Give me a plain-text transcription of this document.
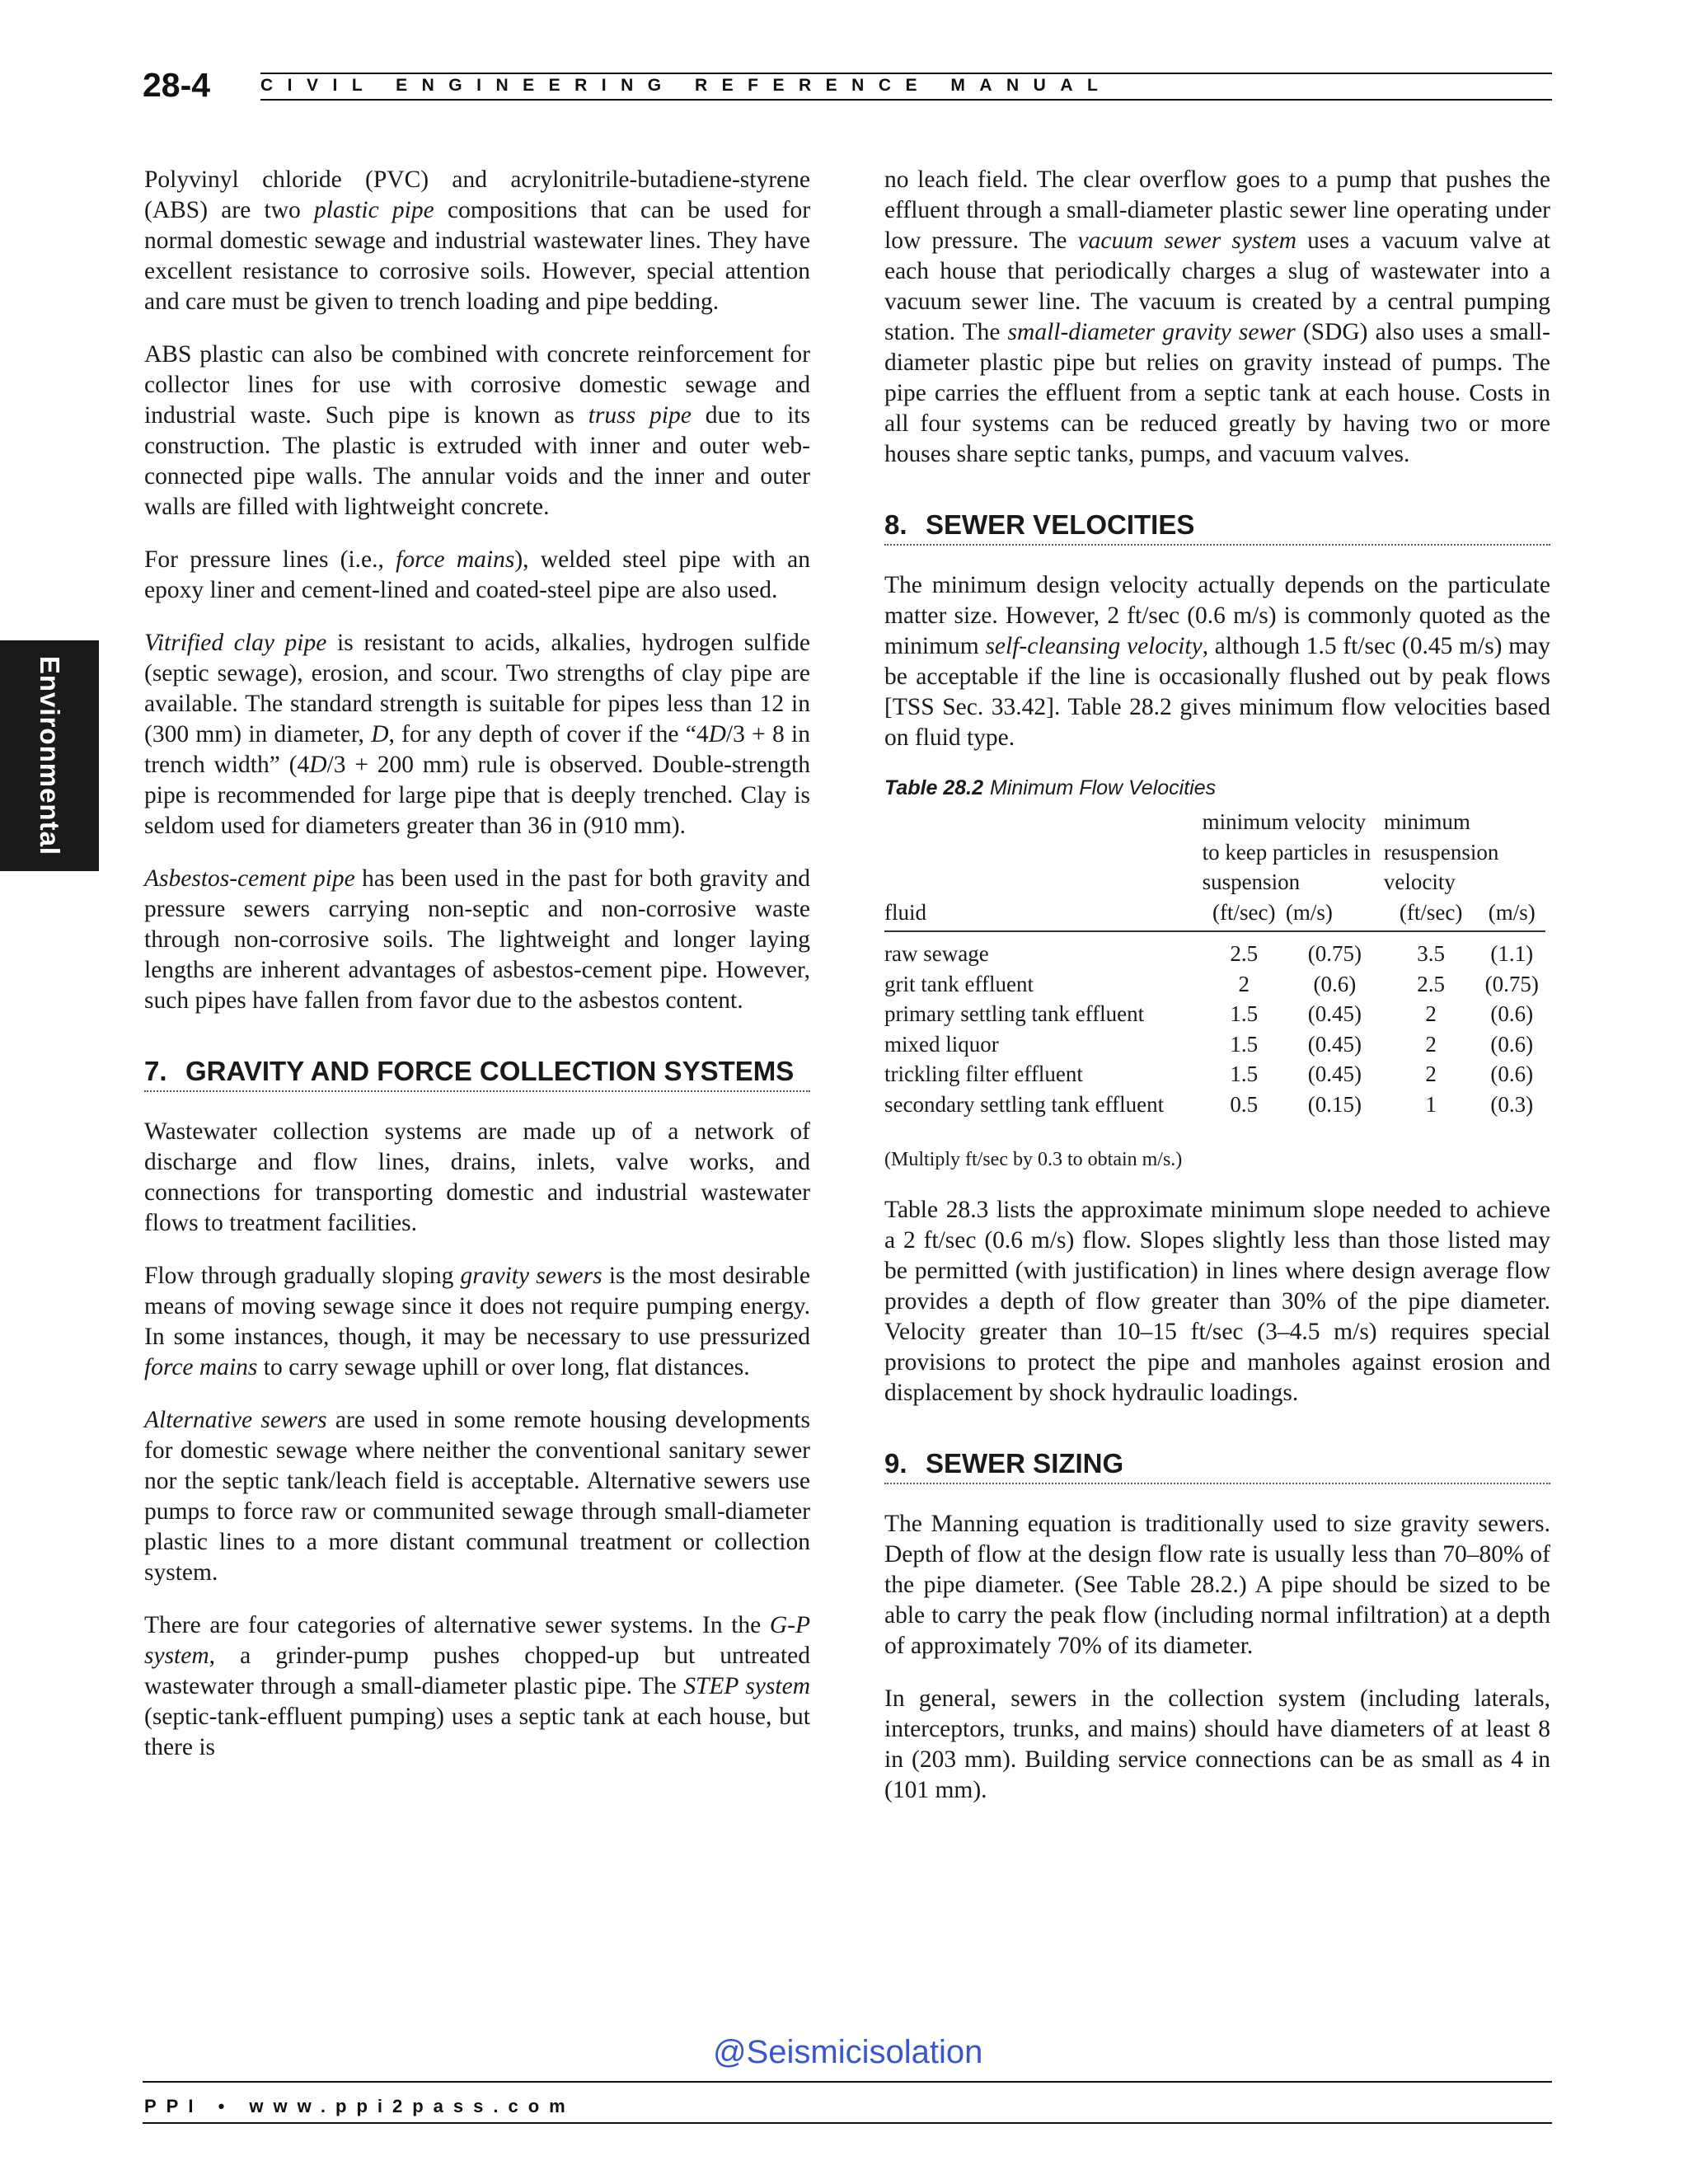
28-4	CIVIL ENGINEERING REFERENCE MANUAL
Environmental

Polyvinyl chloride (PVC) and acrylonitrile-butadiene-styrene (ABS) are two plastic pipe compositions that can be used for normal domestic sewage and industrial wastewater lines. They have excellent resistance to corrosive soils. However, special attention and care must be given to trench loading and pipe bedding.

ABS plastic can also be combined with concrete reinforcement for collector lines for use with corrosive domestic sewage and industrial waste. Such pipe is known as truss pipe due to its construction. The plastic is extruded with inner and outer web-connected pipe walls. The annular voids and the inner and outer walls are filled with lightweight concrete.

For pressure lines (i.e., force mains), welded steel pipe with an epoxy liner and cement-lined and coated-steel pipe are also used.

Vitrified clay pipe is resistant to acids, alkalies, hydrogen sulfide (septic sewage), erosion, and scour. Two strengths of clay pipe are available. The standard strength is suitable for pipes less than 12 in (300 mm) in diameter, D, for any depth of cover if the “4D/3 + 8 in trench width” (4D/3 + 200 mm) rule is observed. Double-strength pipe is recommended for large pipe that is deeply trenched. Clay is seldom used for diameters greater than 36 in (910 mm).

Asbestos-cement pipe has been used in the past for both gravity and pressure sewers carrying non-septic and non-corrosive waste through non-corrosive soils. The lightweight and longer laying lengths are inherent advantages of asbestos-cement pipe. However, such pipes have fallen from favor due to the asbestos content.

7. GRAVITY AND FORCE COLLECTION SYSTEMS

Wastewater collection systems are made up of a network of discharge and flow lines, drains, inlets, valve works, and connections for transporting domestic and industrial wastewater flows to treatment facilities.

Flow through gradually sloping gravity sewers is the most desirable means of moving sewage since it does not require pumping energy. In some instances, though, it may be necessary to use pressurized force mains to carry sewage uphill or over long, flat distances.

Alternative sewers are used in some remote housing developments for domestic sewage where neither the conventional sanitary sewer nor the septic tank/leach field is acceptable. Alternative sewers use pumps to force raw or communited sewage through small-diameter plastic lines to a more distant communal treatment or collection system.

There are four categories of alternative sewer systems. In the G-P system, a grinder-pump pushes chopped-up but untreated wastewater through a small-diameter plastic pipe. The STEP system (septic-tank-effluent pumping) uses a septic tank at each house, but there is

no leach field. The clear overflow goes to a pump that pushes the effluent through a small-diameter plastic sewer line operating under low pressure. The vacuum sewer system uses a vacuum valve at each house that periodically charges a slug of wastewater into a vacuum sewer line. The vacuum is created by a central pumping station. The small-diameter gravity sewer (SDG) also uses a small-diameter plastic pipe but relies on gravity instead of pumps. The pipe carries the effluent from a septic tank at each house. Costs in all four systems can be reduced greatly by having two or more houses share septic tanks, pumps, and vacuum valves.

8. SEWER VELOCITIES

The minimum design velocity actually depends on the particulate matter size. However, 2 ft/sec (0.6 m/s) is commonly quoted as the minimum self-cleansing velocity, although 1.5 ft/sec (0.45 m/s) may be acceptable if the line is occasionally flushed out by peak flows [TSS Sec. 33.42]. Table 28.2 gives minimum flow velocities based on fluid type.

Table 28.2 Minimum Flow Velocities
	minimum velocity to keep particles in suspension		minimum resuspension velocity	
fluid	(ft/sec)	(m/s)	(ft/sec)	(m/s)

raw sewage	2.5	(0.75)	3.5	(1.1)

grit tank effluent	2	(0.6)	2.5	(0.75)

primary settling tank effluent	1.5	(0.45)	2	(0.6)

mixed liquor	1.5	(0.45)	2	(0.6)

trickling filter effluent	1.5	(0.45)	2	(0.6)

secondary settling tank effluent	0.5	(0.15)	1	(0.3)
(Multiply ft/sec by 0.3 to obtain m/s.)

Table 28.3 lists the approximate minimum slope needed to achieve a 2 ft/sec (0.6 m/s) flow. Slopes slightly less than those listed may be permitted (with justification) in lines where design average flow provides a depth of flow greater than 30% of the pipe diameter. Velocity greater than 10–15 ft/sec (3–4.5 m/s) requires special provisions to protect the pipe and manholes against erosion and displacement by shock hydraulic loadings.

9. SEWER SIZING

The Manning equation is traditionally used to size gravity sewers. Depth of flow at the design flow rate is usually less than 70–80% of the pipe diameter. (See Table 28.2.) A pipe should be sized to be able to carry the peak flow (including normal infiltration) at a depth of approximately 70% of its diameter.

In general, sewers in the collection system (including laterals, interceptors, trunks, and mains) should have diameters of at least 8 in (203 mm). Building service connections can be as small as 4 in (101 mm).

@Seismicisolation
PPI • www.ppi2pass.com
